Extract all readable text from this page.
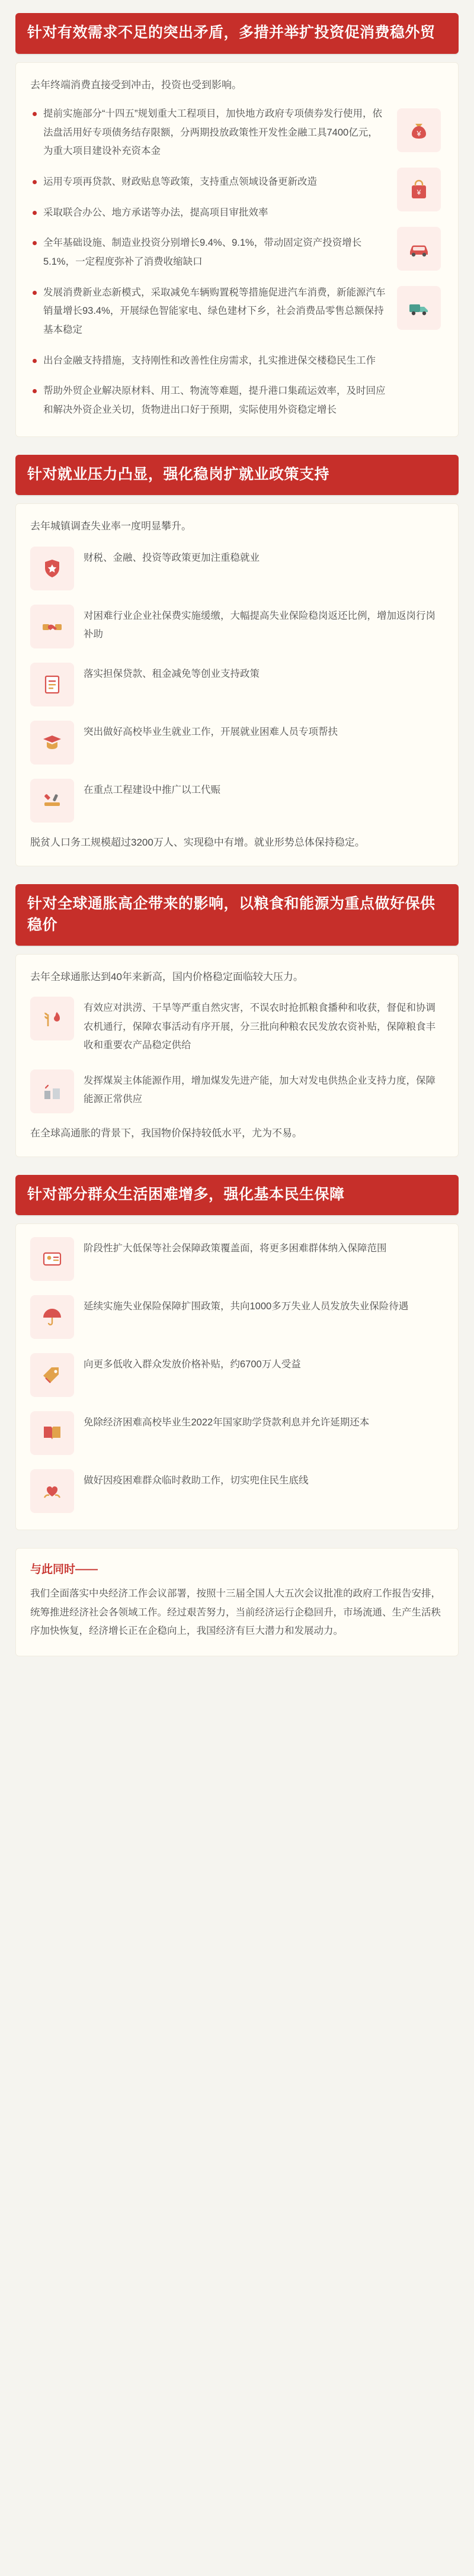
针对有效需求不足的突出矛盾，多措并举扩投资促消费稳外贸

去年终端消费直接受到冲击，投资也受到影响。

提前实施部分“十四五”规划重大工程项目，加快地方政府专项债券发行使用，依法盘活用好专项债务结存限额，分两期投放政策性开发性金融工具7400亿元，为重大项目建设补充资本金
运用专项再贷款、财政贴息等政策，支持重点领域设备更新改造
采取联合办公、地方承诺等办法，提高项目审批效率
全年基础设施、制造业投资分别增长9.4%、9.1%，带动固定资产投资增长5.1%，一定程度弥补了消费收缩缺口
发展消费新业态新模式，采取减免车辆购置税等措施促进汽车消费，新能源汽车销量增长93.4%，开展绿色智能家电、绿色建材下乡，社会消费品零售总额保持基本稳定
出台金融支持措施，支持刚性和改善性住房需求，扎实推进保交楼稳民生工作
帮助外贸企业解决原材料、用工、物流等难题，提升港口集疏运效率，及时回应和解决外资企业关切，货物进出口好于预期，实际使用外资稳定增长
¥
¥
针对就业压力凸显，强化稳岗扩就业政策支持

去年城镇调查失业率一度明显攀升。

财税、金融、投资等政策更加注重稳就业
对困难行业企业社保费实施缓缴，大幅提高失业保险稳岗返还比例，增加返岗行岗补助
落实担保贷款、租金减免等创业支持政策
突出做好高校毕业生就业工作，开展就业困难人员专项帮扶
在重点工程建设中推广以工代赈

脱贫人口务工规模超过3200万人、实现稳中有增。就业形势总体保持稳定。

针对全球通胀高企带来的影响，以粮食和能源为重点做好保供稳价

去年全球通胀达到40年来新高，国内价格稳定面临较大压力。

有效应对洪涝、干旱等严重自然灾害，不误农时抢抓粮食播种和收获，督促和协调农机通行，保障农事活动有序开展，分三批向种粮农民发放农资补贴，保障粮食丰收和重要农产品稳定供给
发挥煤炭主体能源作用，增加煤发先进产能，加大对发电供热企业支持力度，保障能源正常供应

在全球高通胀的背景下，我国物价保持较低水平，尤为不易。

针对部分群众生活困难增多，强化基本民生保障
阶段性扩大低保等社会保障政策覆盖面，将更多困难群体纳入保障范围
延续实施失业保险保障扩围政策，共向1000多万失业人员发放失业保险待遇
向更多低收入群众发放价格补贴，约6700万人受益
免除经济困难高校毕业生2022年国家助学贷款利息并允许延期还本
做好因疫困难群众临时救助工作，切实兜住民生底线
与此同时——

我们全面落实中央经济工作会议部署，按照十三届全国人大五次会议批准的政府工作报告安排，统筹推进经济社会各领域工作。经过艰苦努力，当前经济运行企稳回升，市场流通、生产生活秩序加快恢复，经济增长正在企稳向上，我国经济有巨大潜力和发展动力。
